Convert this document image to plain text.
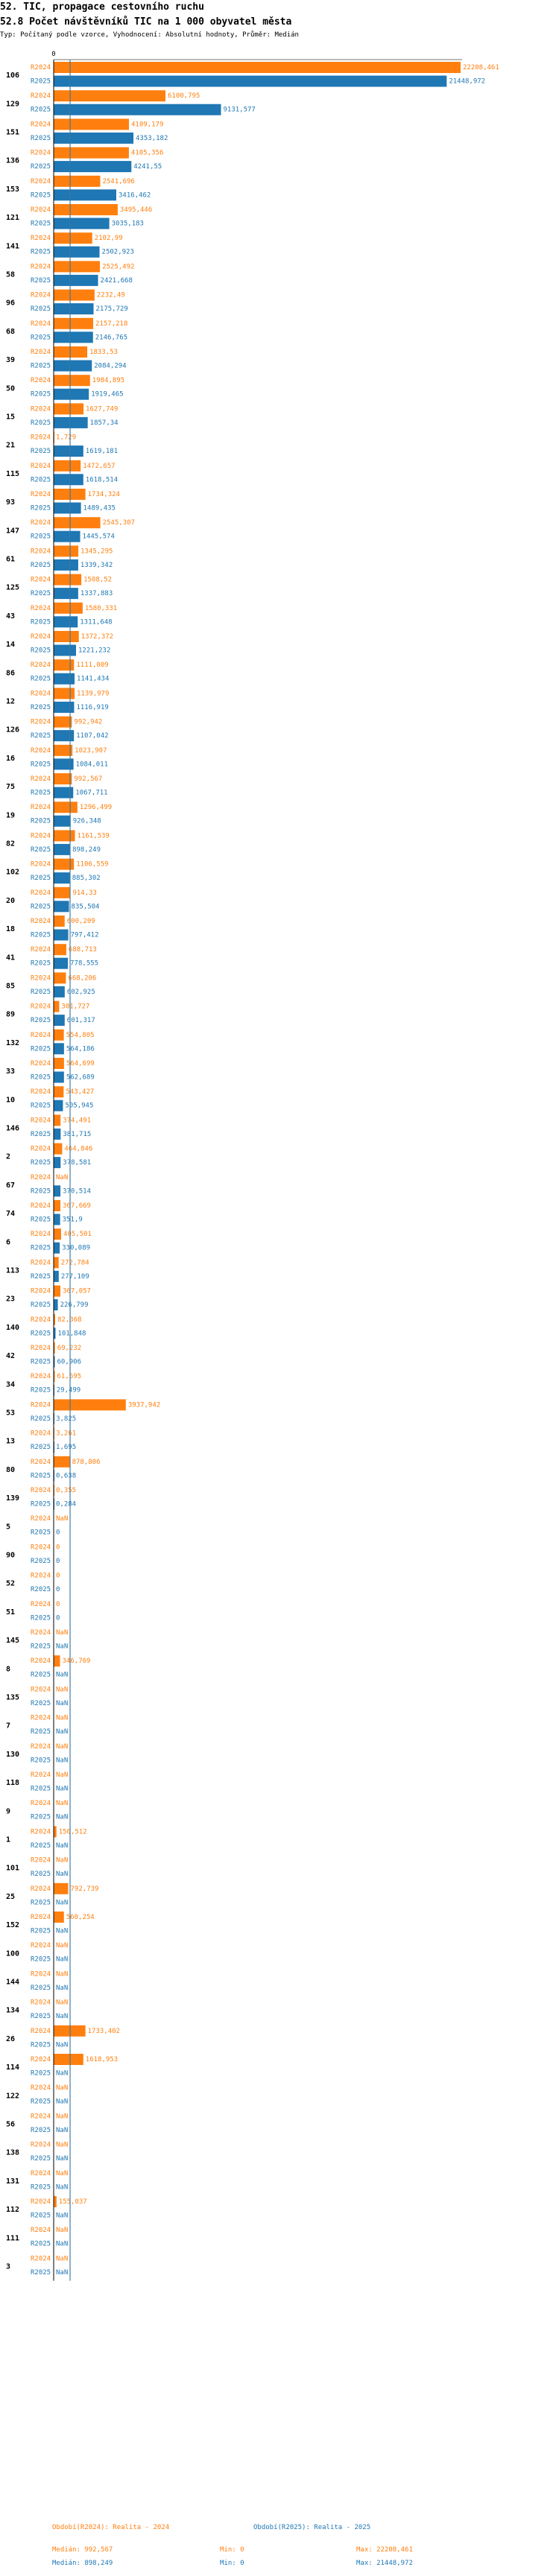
52. TIC, propagace cestovního ruchu
52.8 Počet návštěvníků TIC na 1 000 obyvatel města
Typ: Počítaný podle vzorce, Vyhodnocení: Absolutní hodnoty, Průměr: Medián
0
106
R2024	22208,461
R2025	21448,972
129
R2024	6100,795
R2025	9131,577
151
R2024	4109,179
R2025	4353,182
136
R2024	4105,356
R2025	4241,55
153
R2024	2541,696
R2025	3416,462
121
R2024	3495,446
R2025	3035,183
141
R2024	2102,99
R2025	2502,923
58
R2024	2525,492
R2025	2421,668
96
R2024	2232,49
R2025	2175,729
68
R2024	2157,218
R2025	2146,765
39
R2024	1833,53
R2025	2084,294
50
R2024	1984,895
R2025	1919,465
15
R2024	1627,749
R2025	1857,34
21
R2024 1,729
R2025	1619,181
115
R2024	1472,657
R2025	1618,514
93
R2024	1734,324
R2025	1489,435
147
R2024	2545,307
R2025	1445,574
61
R2024	1345,295
R2025	1339,342
125
R2024	1508,52
R2025	1337,883
43
R2024	1580,331
R2025	1311,648
14
R2024	1372,372
R2025	1221,232
86
R2024	1111,009
R2025	1141,434
12
R2024	1139,979
R2025	1116,919
126
R2024	992,942
R2025	1107,042
16
R2024	1023,907
R2025	1084,011
75
R2024	992,567
R2025	1067,711
19
R2024	1296,499
R2025	926,348
82
R2024	1161,539
R2025	898,249
102
R2024	1106,559
R2025	885,302
20
R2024	914,33
R2025	835,504
18
R2024 600,209
R2025	797,412
41
R2024	688,713
R2025	778,555
85
R2024	668,206
R2025 602,925
89
R2024 301,727
R2025 601,317
132
R2024 554,805
R2025 564,186
33
R2024 564,699
R2025 562,689
10
R2024 543,427
R2025 505,945
146
R2024 374,491
R2025 381,715
2
R2024 464,846
R2025 378,581
67
R2024 NaN
R2025 370,514
74
R2024 367,669
R2025 351,9
6
R2024 405,501
R2025 330,089
113
R2024 272,784
R2025 277,109
23
R2024 367,057
R2025 226,799
140
R2024 82,368
R2025 101,848
42
R2024 69,232
R2025 60,906
34
R2024 61,695
R2025 29,499
53
R2024	3937,942
R2025 3,825
13
R2024 3,261
R2025 1,695
80
R2024	878,806
R2025 0,638
139
R2024 0,355
R2025 0,284
5
R2024 NaN
R2025 0
90
R2024 0
R2025 0
52
R2024 0
R2025 0
51
R2024 0
R2025 0
145
R2024 NaN
R2025 NaN
8
R2024 346,769
R2025 NaN
135
R2024 NaN
R2025 NaN
7
R2024 NaN
R2025 NaN
130
R2024 NaN
R2025 NaN
118
R2024 NaN
R2025 NaN
9
R2024 NaN
R2025 NaN
1
R2024 150,512
R2025 NaN
101
R2024 NaN
R2025 NaN
25
R2024	792,739
R2025 NaN
152
R2024 560,254
R2025 NaN
100
R2024 NaN
R2025 NaN
144
R2024 NaN
R2025 NaN
134
R2024 NaN
R2025 NaN
26
R2024	1733,402
R2025 NaN
114
R2024	1618,953
R2025 NaN
122
R2024 NaN
R2025 NaN
56
R2024 NaN
R2025 NaN
138
R2024 NaN
R2025 NaN
131
R2024 NaN
R2025 NaN
112
R2024 155,037
R2025 NaN
111
R2024 NaN
R2025 NaN
3
R2024 NaN
R2025 NaN
Období(R2024): Realita - 2024	Období(R2025): Realita - 2025
Medián: 992,567	Min: 0	Max: 22208,461
Medián: 898,249	Min: 0	Max: 21448,972
